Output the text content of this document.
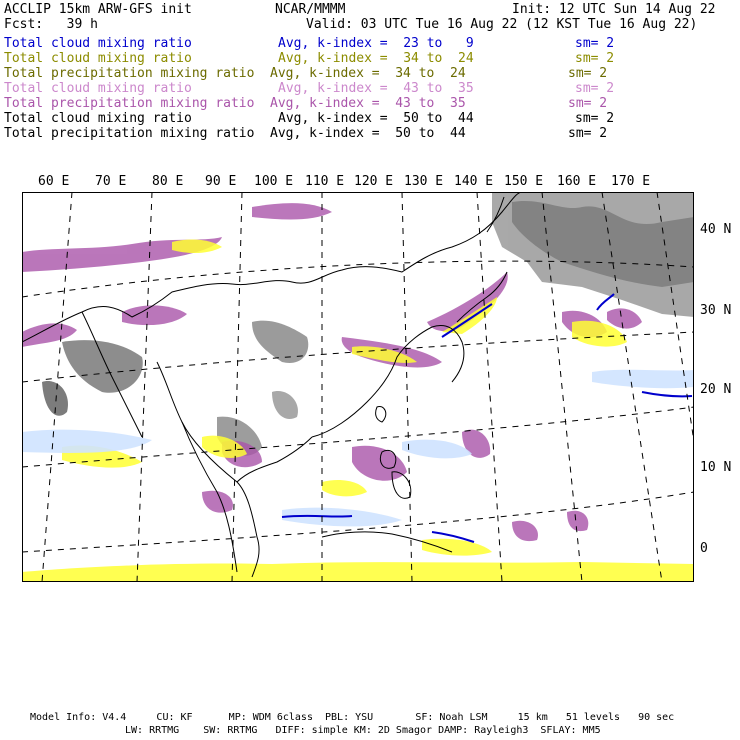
ACCLIP 15km ARW-GFS init	NCAR/MMMM	Init: 12 UTC Sun 14 Aug 22
Fcst:   39 h	Valid: 03 UTC Tue 16 Aug 22 (12 KST Tue 16 Aug 22)
Total cloud mixing ratio	Avg, k-index =  23 to   9	sm= 2
Total cloud mixing ratio	Avg, k-index =  34 to  24	sm= 2
Total precipitation mixing ratio Avg, k-index =  34 to  24	sm= 2
Total cloud mixing ratio	Avg, k-index =  43 to  35	sm= 2
Total precipitation mixing ratio Avg, k-index =  43 to  35	sm= 2
Total cloud mixing ratio	Avg, k-index =  50 to  44	sm= 2
Total precipitation mixing ratio Avg, k-index =  50 to  44	sm= 2
60 E 70 E 80 E 90 E 100 E 110 E 120 E 130 E 140 E 150 E 160 E 170 E
40 N
30 N
20 N
10 N
0
Model Info: V4.4     CU: KF      MP: WDM 6class  PBL: YSU       SF: Noah LSM     15 km   51 levels   90 sec
LW: RRTMG    SW: RRTMG   DIFF: simple KM: 2D Smagor DAMP: Rayleigh3  SFLAY: MM5
